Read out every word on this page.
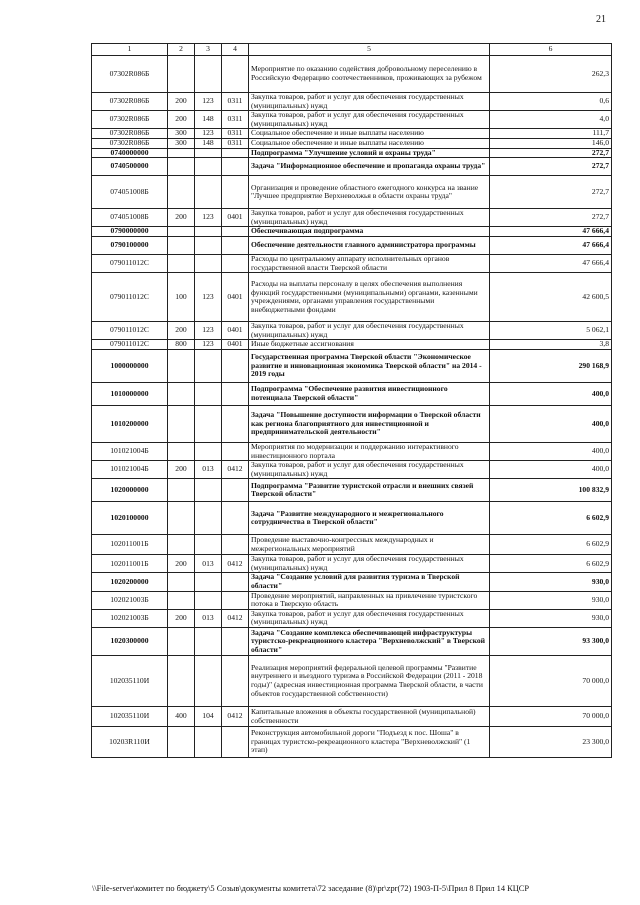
21
1	2	3	4	5	6
07302R086Б				Мероприятие по оказанию содействия добровольному переселению в Российскую Федерацию соотечественников, проживающих за рубежом	262,3
07302R086Б	200	123	0311	Закупка товаров, работ и услуг для обеспечения государственных (муниципальных) нужд	0,6
07302R086Б	200	148	0311	Закупка товаров, работ и услуг для обеспечения государственных (муниципальных) нужд	4,0
07302R086Б	300	123	0311	Социальное обеспечение и иные выплаты населению	111,7
07302R086Б	300	148	0311	Социальное обеспечение и иные выплаты населению	146,0
0740000000				Подпрограмма "Улучшение условий и охраны труда"	272,7
0740500000				Задача "Информационное обеспечение и пропаганда охраны труда"	272,7
074051008Б				Организация и проведение областного ежегодного конкурса на звание "Лучшее предприятие Верхневолжья в области охраны труда"	272,7
074051008Б	200	123	0401	Закупка товаров, работ и услуг для обеспечения государственных (муниципальных) нужд	272,7
0790000000				Обеспечивающая подпрограмма	47 666,4
0790100000				Обеспечение деятельности главного администратора программы	47 666,4
079011012С				Расходы по центральному аппарату исполнительных органов государственной власти Тверской области	47 666,4
079011012С	100	123	0401	Расходы на выплаты персоналу в целях обеспечения выполнения функций государственными (муниципальными) органами, казенными учреждениями, органами управления государственными внебюджетными фондами	42 600,5
079011012С	200	123	0401	Закупка товаров, работ и услуг для обеспечения государственных (муниципальных) нужд	5 062,1
079011012С	800	123	0401	Иные бюджетные ассигнования	3,8
1000000000				Государственная программа Тверской области "Экономическое развитие и инновационная экономика Тверской области" на 2014 - 2019 годы	290 168,9
1010000000				Подпрограмма "Обеспечение развития инвестиционного потенциала Тверской области"	400,0
1010200000				Задача "Повышение доступности информации о Тверской области как региона благоприятного для инвестиционной и предпринимательской деятельности"	400,0
101021004Б				Мероприятия по модернизации и поддержанию интерактивного инвестиционного портала	400,0
101021004Б	200	013	0412	Закупка товаров, работ и услуг для обеспечения государственных (муниципальных) нужд	400,0
1020000000				Подпрограмма "Развитие туристской отрасли и внешних связей Тверской области"	100 832,9
1020100000				Задача "Развитие международного и межрегионального сотрудничества в Тверской области"	6 602,9
102011001Б				Проведение выставочно-конгрессных международных и межрегиональных мероприятий	6 602,9
102011001Б	200	013	0412	Закупка товаров, работ и услуг для обеспечения государственных (муниципальных) нужд	6 602,9
1020200000				Задача "Создание условий для развития туризма в Тверской области"	930,0
102021003Б				Проведение мероприятий, направленных на привлечение туристского потока в Тверскую область	930,0
102021003Б	200	013	0412	Закупка товаров, работ и услуг для обеспечения государственных (муниципальных) нужд	930,0
1020300000				Задача "Создание комплекса обеспечивающей инфраструктуры туристско-рекреационного кластера "Верхневолжский" в Тверской области"	93 300,0
102035110И				Реализация мероприятий федеральной целевой программы "Развитие внутреннего и въездного туризма в Российской Федерации (2011 - 2018 годы)" (адресная инвестиционная программа Тверской области, в части объектов государственной собственности)	70 000,0
102035110И	400	104	0412	Капитальные вложения в объекты государственной (муниципальной) собственности	70 000,0
10203R110И				Реконструкция автомобильной дороги "Подъезд к пос. Шоша" в границах туристско-рекреационного кластера "Верхневолжский" (1 этап)	23 300,0
\\File-server\комитет по бюджету\5 Созыв\документы комитета\72 заседание (8)\pr\zpr(72) 1903-П-5\Прил 8 Прил 14 КЦСР
